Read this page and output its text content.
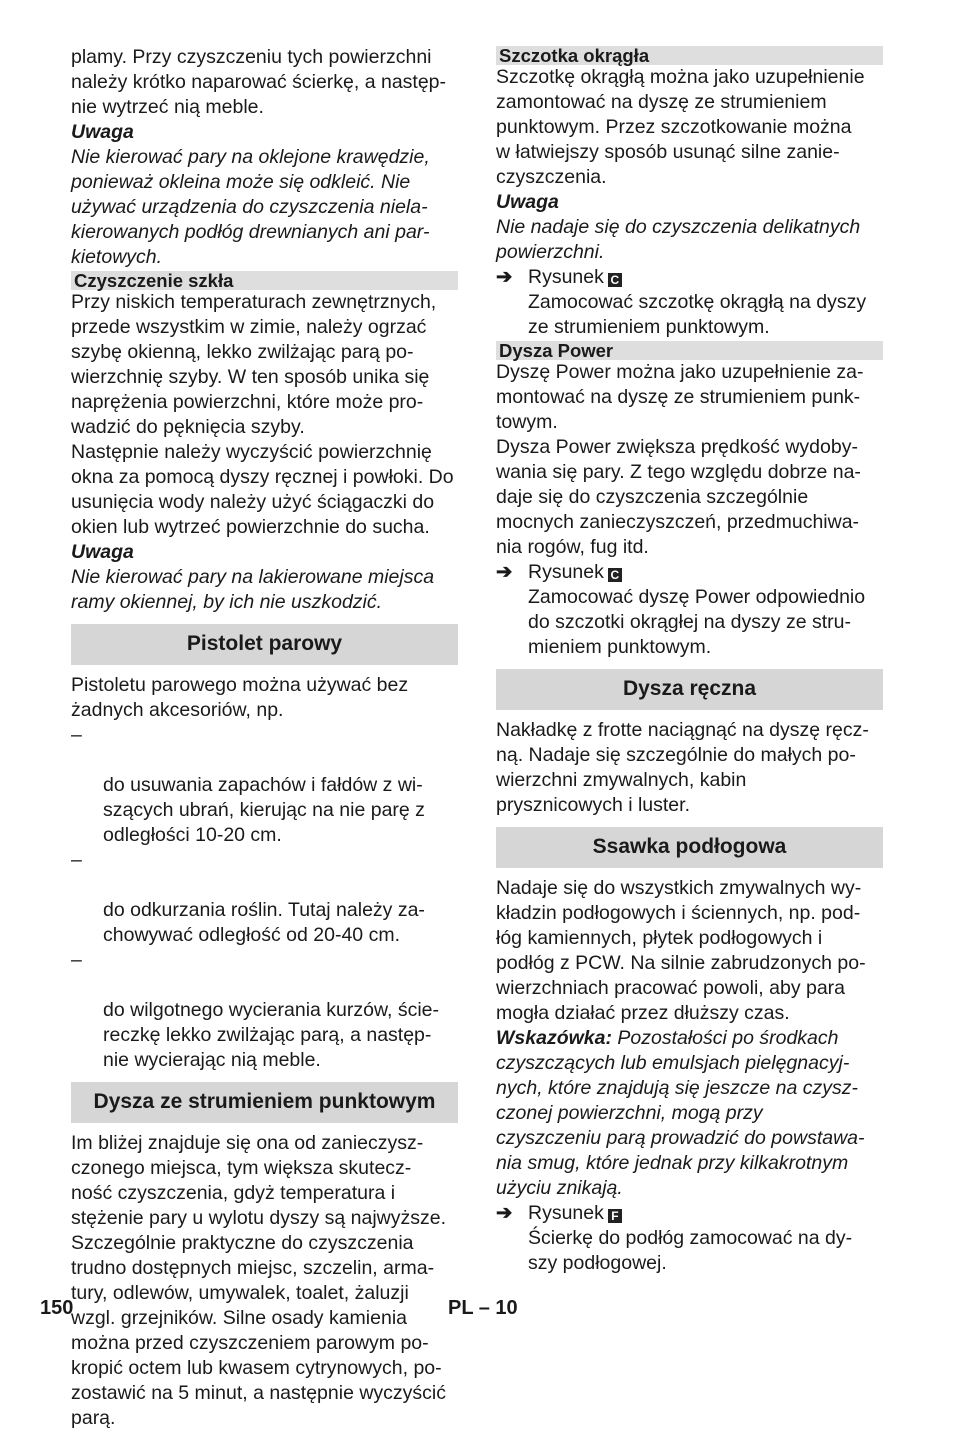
plamy. Przy czyszczeniu tych powierzchni
należy krótko naparować ścierkę, a następ-
nie wytrzeć nią meble.

Uwaga

Nie kierować pary na oklejone krawędzie,
ponieważ okleina może się odkleić. Nie
używać urządzenia do czyszczenia niela-
kierowanych podłóg drewnianych ani par-
kietowych.

Czyszczenie szkła

Przy niskich temperaturach zewnętrznych,
przede wszystkim w zimie, należy ogrzać
szybę okienną, lekko zwilżając parą po-
wierzchnię szyby. W ten sposób unika się
naprężenia powierzchni, które może pro-
wadzić do pęknięcia szyby.

Następnie należy wyczyścić powierzchnię
okna za pomocą dyszy ręcznej i powłoki. Do
usunięcia wody należy użyć ściągaczki do
okien lub wytrzeć powierzchnie do sucha.

Uwaga

Nie kierować pary na lakierowane miejsca
ramy okiennej, by ich nie uszkodzić.

Pistolet parowy

Pistoletu parowego można używać bez
żadnych akcesoriów, np.

–

do usuwania zapachów i fałdów z wi-
szących ubrań, kierując na nie parę z
odległości 10-20 cm.

–

do odkurzania roślin. Tutaj należy za-
chowywać odległość od 20-40 cm.

–

do wilgotnego wycierania kurzów, ście-
reczkę lekko zwilżając parą, a następ-
nie wycierając nią meble.

Dysza ze strumieniem punktowym

Im bliżej znajduje się ona od zanieczysz-
czonego miejsca, tym większa skutecz-
ność czyszczenia, gdyż temperatura i
stężenie pary u wylotu dyszy są najwyższe.
Szczególnie praktyczne do czyszczenia
trudno dostępnych miejsc, szczelin, arma-
tury, odlewów, umywalek, toalet, żaluzji
wzgl. grzejników. Silne osady kamienia
można przed czyszczeniem parowym po-
kropić octem lub kwasem cytrynowych, po-
zostawić na 5 minut, a następnie wyczyścić
parą.

Szczotka okrągła

Szczotkę okrągłą można jako uzupełnienie
zamontować na dyszę ze strumieniem
punktowym. Przez szczotkowanie można
w łatwiejszy sposób usunąć silne zanie-
czyszczenia.

Uwaga

Nie nadaje się do czyszczenia delikatnych
powierzchni.

➔ Rysunek C

Zamocować szczotkę okrągłą na dyszy
ze strumieniem punktowym.

Dysza Power

Dyszę Power można jako uzupełnienie za-
montować na dyszę ze strumieniem punk-
towym.

Dysza Power zwiększa prędkość wydoby-
wania się pary. Z tego względu dobrze na-
daje się do czyszczenia szczególnie
mocnych zanieczyszczeń, przedmuchiwa-
nia rogów, fug itd.

➔ Rysunek C

Zamocować dyszę Power odpowiednio
do szczotki okrągłej na dyszy ze stru-
mieniem punktowym.

Dysza ręczna

Nakładkę z frotte naciągnąć na dyszę ręcz-
ną. Nadaje się szczególnie do małych po-
wierzchni zmywalnych, kabin
prysznicowych i luster.

Ssawka podłogowa

Nadaje się do wszystkich zmywalnych wy-
kładzin podłogowych i ściennych, np. pod-
łóg kamiennych, płytek podłogowych i
podłóg z PCW. Na silnie zabrudzonych po-
wierzchniach pracować powoli, aby para
mogła działać przez dłuższy czas.

Wskazówka: Pozostałości po środkach
czyszczących lub emulsjach pielęgnacyj-
nych, które znajdują się jeszcze na czysz-
czonej powierzchni, mogą przy
czyszczeniu parą prowadzić do powstawa-
nia smug, które jednak przy kilkakrotnym
użyciu znikają.

➔ Rysunek F

Ścierkę do podłóg zamocować na dy-
szy podłogowej.

150	PL – 10
